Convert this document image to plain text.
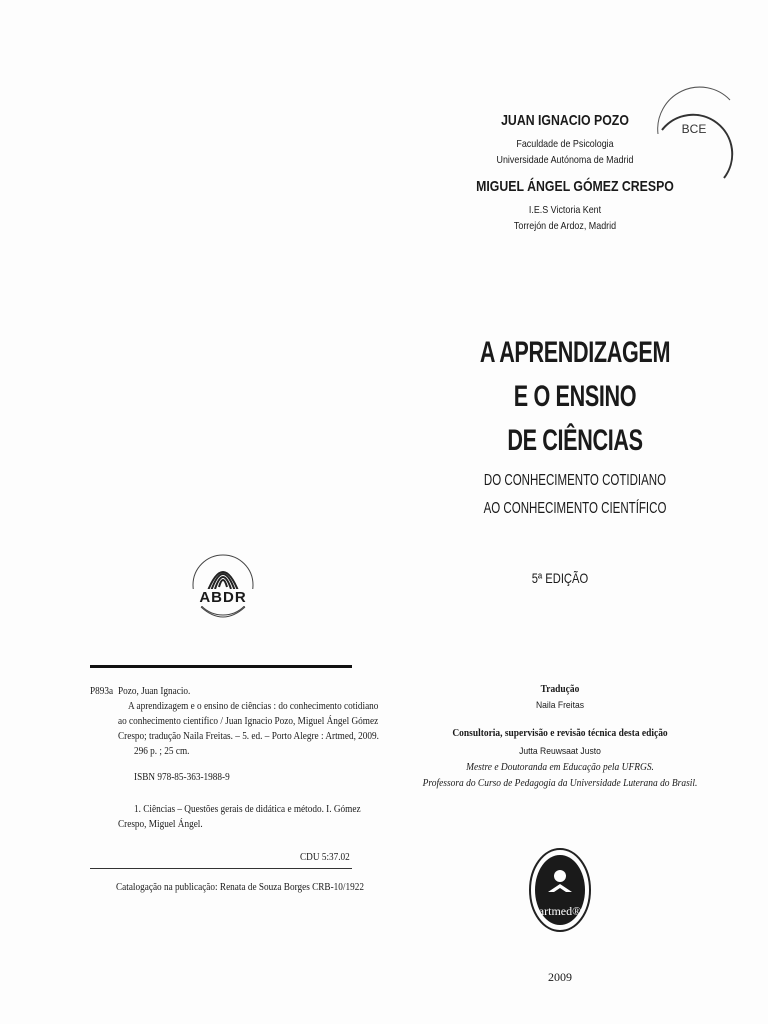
BCE
JUAN IGNACIO POZO
Faculdade de Psicologia
Universidade Autónoma de Madrid
MIGUEL ÁNGEL GÓMEZ CRESPO
I.E.S Victoria Kent
Torrejón de Ardoz, Madrid
A APRENDIZAGEM
E O ENSINO
DE CIÊNCIAS
DO CONHECIMENTO COTIDIANO
AO CONHECIMENTO CIENTÍFICO
5ª EDIÇÃO
ABDR
P893a Pozo, Juan Ignacio.
A aprendizagem e o ensino de ciências : do conhecimento cotidiano
ao conhecimento científico / Juan Ignacio Pozo, Miguel Ángel Gómez
Crespo; tradução Naila Freitas. – 5. ed. – Porto Alegre : Artmed, 2009.
296 p. ; 25 cm.
ISBN 978-85-363-1988-9
1. Ciências – Questões gerais de didática e método. I. Gómez
Crespo, Miguel Ángel.
CDU 5:37.02
Catalogação na publicação: Renata de Souza Borges CRB-10/1922
Tradução
Naila Freitas
Consultoria, supervisão e revisão técnica desta edição
Jutta Reuwsaat Justo
Mestre e Doutoranda em Educação pela UFRGS.
Professora do Curso de Pedagogia da Universidade Luterana do Brasil.
artmed®
2009
